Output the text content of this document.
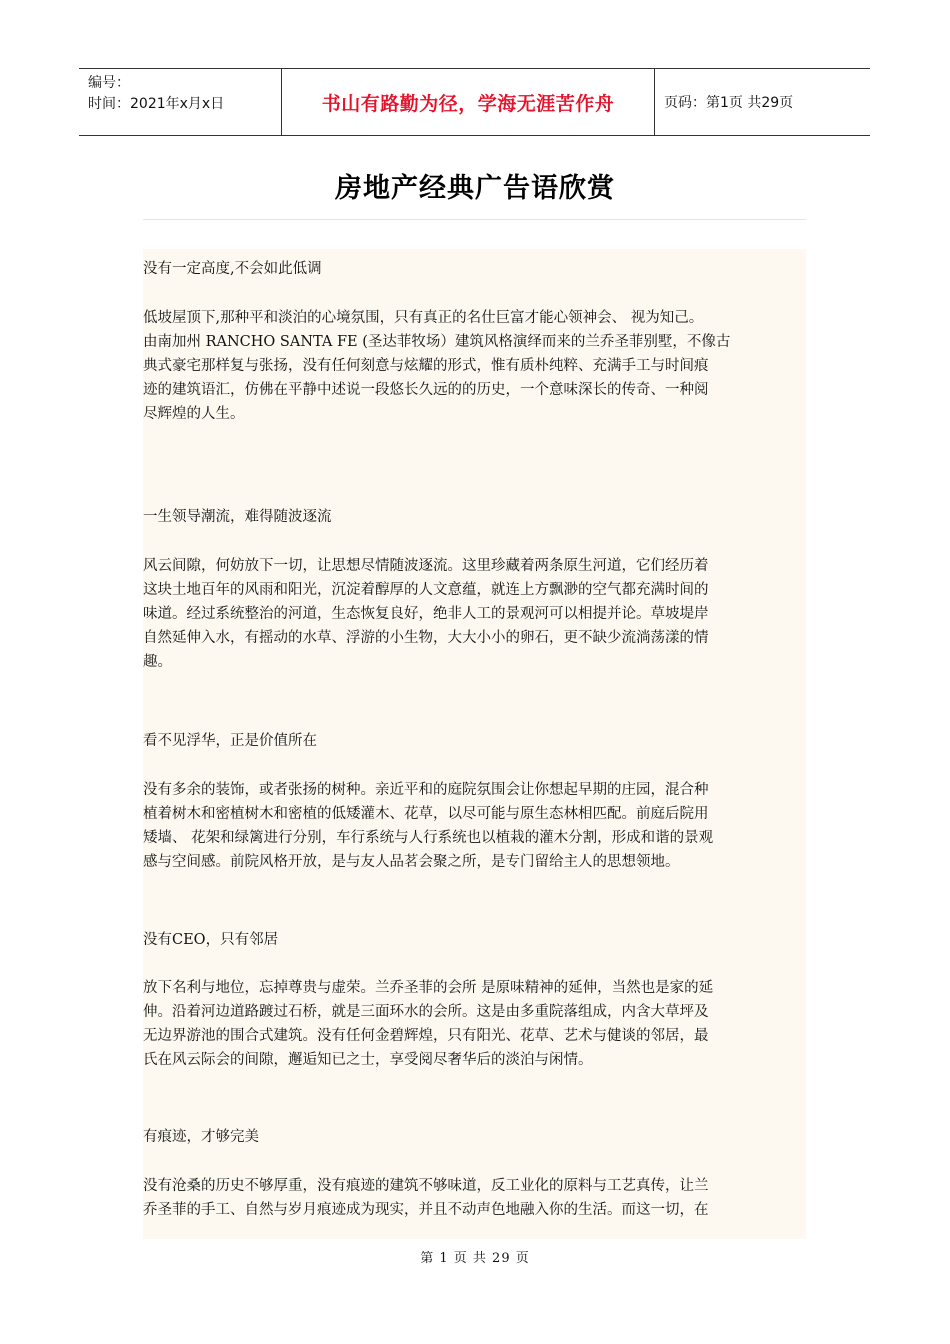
编号：
时间：2021年x月x日	书山有路勤为径，学海无涯苦作舟	页码：第1页 共29页
房地产经典广告语欣赏

没有一定高度,不会如此低调

低坡屋顶下,那种平和淡泊的心境氛围，只有真正的名仕巨富才能心领神会、 视为知己。

由南加州 RANCHO SANTA FE (圣达菲牧场）建筑风格演绎而来的兰乔圣菲别墅，不像古

典式豪宅那样复与张扬，没有任何刻意与炫耀的形式，惟有质朴纯粹、充满手工与时间痕

迹的建筑语汇，仿佛在平静中述说一段悠长久远的的历史，一个意味深长的传奇、一种阅

尽辉煌的人生。

一生领导潮流，难得随波逐流

风云间隙，何妨放下一切，让思想尽情随波逐流。这里珍藏着两条原生河道，它们经历着

这块土地百年的风雨和阳光，沉淀着醇厚的人文意蕴，就连上方飘渺的空气都充满时间的

味道。经过系统整治的河道，生态恢复良好，绝非人工的景观河可以相提并论。草坡堤岸

自然延伸入水，有摇动的水草、浮游的小生物，大大小小的卵石，更不缺少流淌荡漾的情

趣。

看不见浮华，正是价值所在

没有多余的装饰，或者张扬的树种。亲近平和的庭院氛围会让你想起早期的庄园，混合种

植着树木和密植树木和密植的低矮灌木、花草，以尽可能与原生态林相匹配。前庭后院用

矮墙、 花架和绿篱进行分别，车行系统与人行系统也以植栽的灌木分割，形成和谐的景观

感与空间感。前院风格开放，是与友人品茗会聚之所，是专门留给主人的思想领地。

没有CEO，只有邻居

放下名利与地位，忘掉尊贵与虚荣。兰乔圣菲的会所 是原味精神的延伸，当然也是家的延

伸。沿着河边道路踱过石桥，就是三面环水的会所。这是由多重院落组成，内含大草坪及

无边界游池的围合式建筑。没有任何金碧辉煌，只有阳光、花草、艺术与健谈的邻居，最

氏在风云际会的间隙，邂逅知已之士，享受阅尽奢华后的淡泊与闲情。

有痕迹，才够完美

没有沧桑的历史不够厚重，没有痕迹的建筑不够味道，反工业化的原料与工艺真传，让兰

乔圣菲的手工、自然与岁月痕迹成为现实，并且不动声色地融入你的生活。而这一切，在

第 1 页 共 29 页
